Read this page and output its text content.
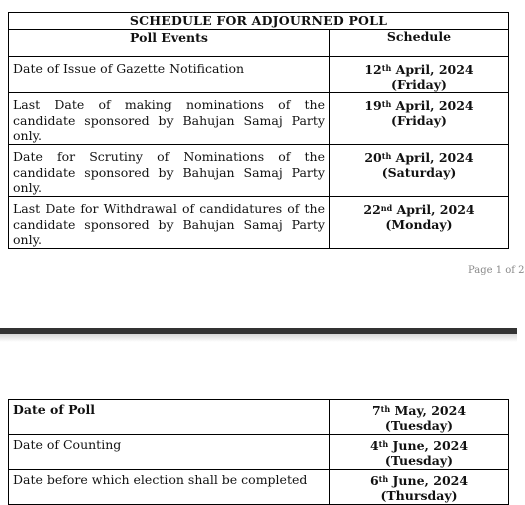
SCHEDULE FOR ADJOURNED POLL	
Poll Events	Schedule
Date of Issue of Gazette Notification	12th April, 2024
(Friday)
Last Date of making nominations of the candidate sponsored by Bahujan Samaj Party only.	19th April, 2024
(Friday)
Date for Scrutiny of Nominations of the candidate sponsored by Bahujan Samaj Party only.	20th April, 2024
(Saturday)
Last Date for Withdrawal of candidatures of the candidate sponsored by Bahujan Samaj Party only.	22nd April, 2024
(Monday)
Page 1 of 2
Date of Poll	7th May, 2024
(Tuesday)
Date of Counting	4th June, 2024
(Tuesday)
Date before which election shall be completed	6th June, 2024
(Thursday)
